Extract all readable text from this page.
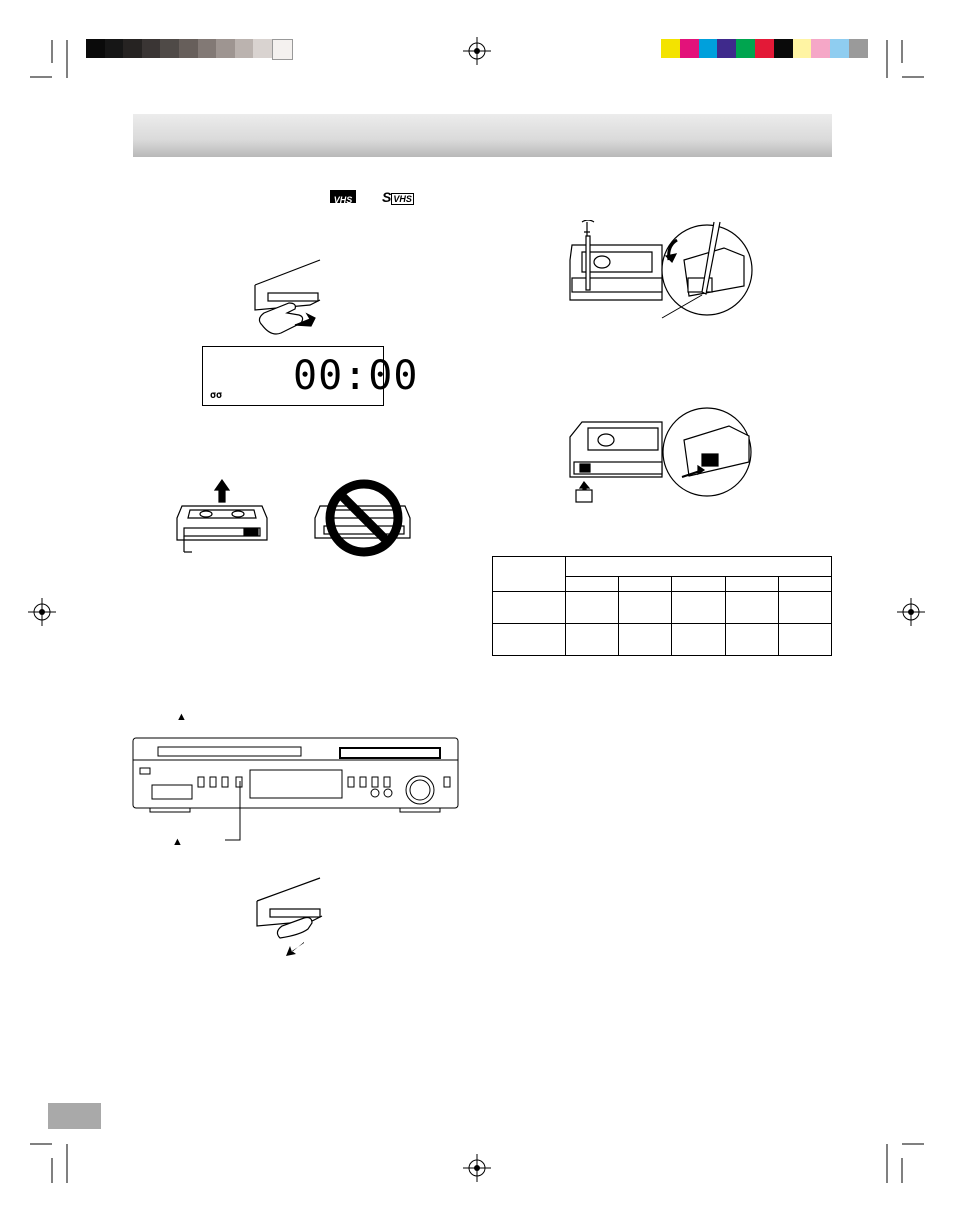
VHS SVHS
00:00
σσ
▲
▲
